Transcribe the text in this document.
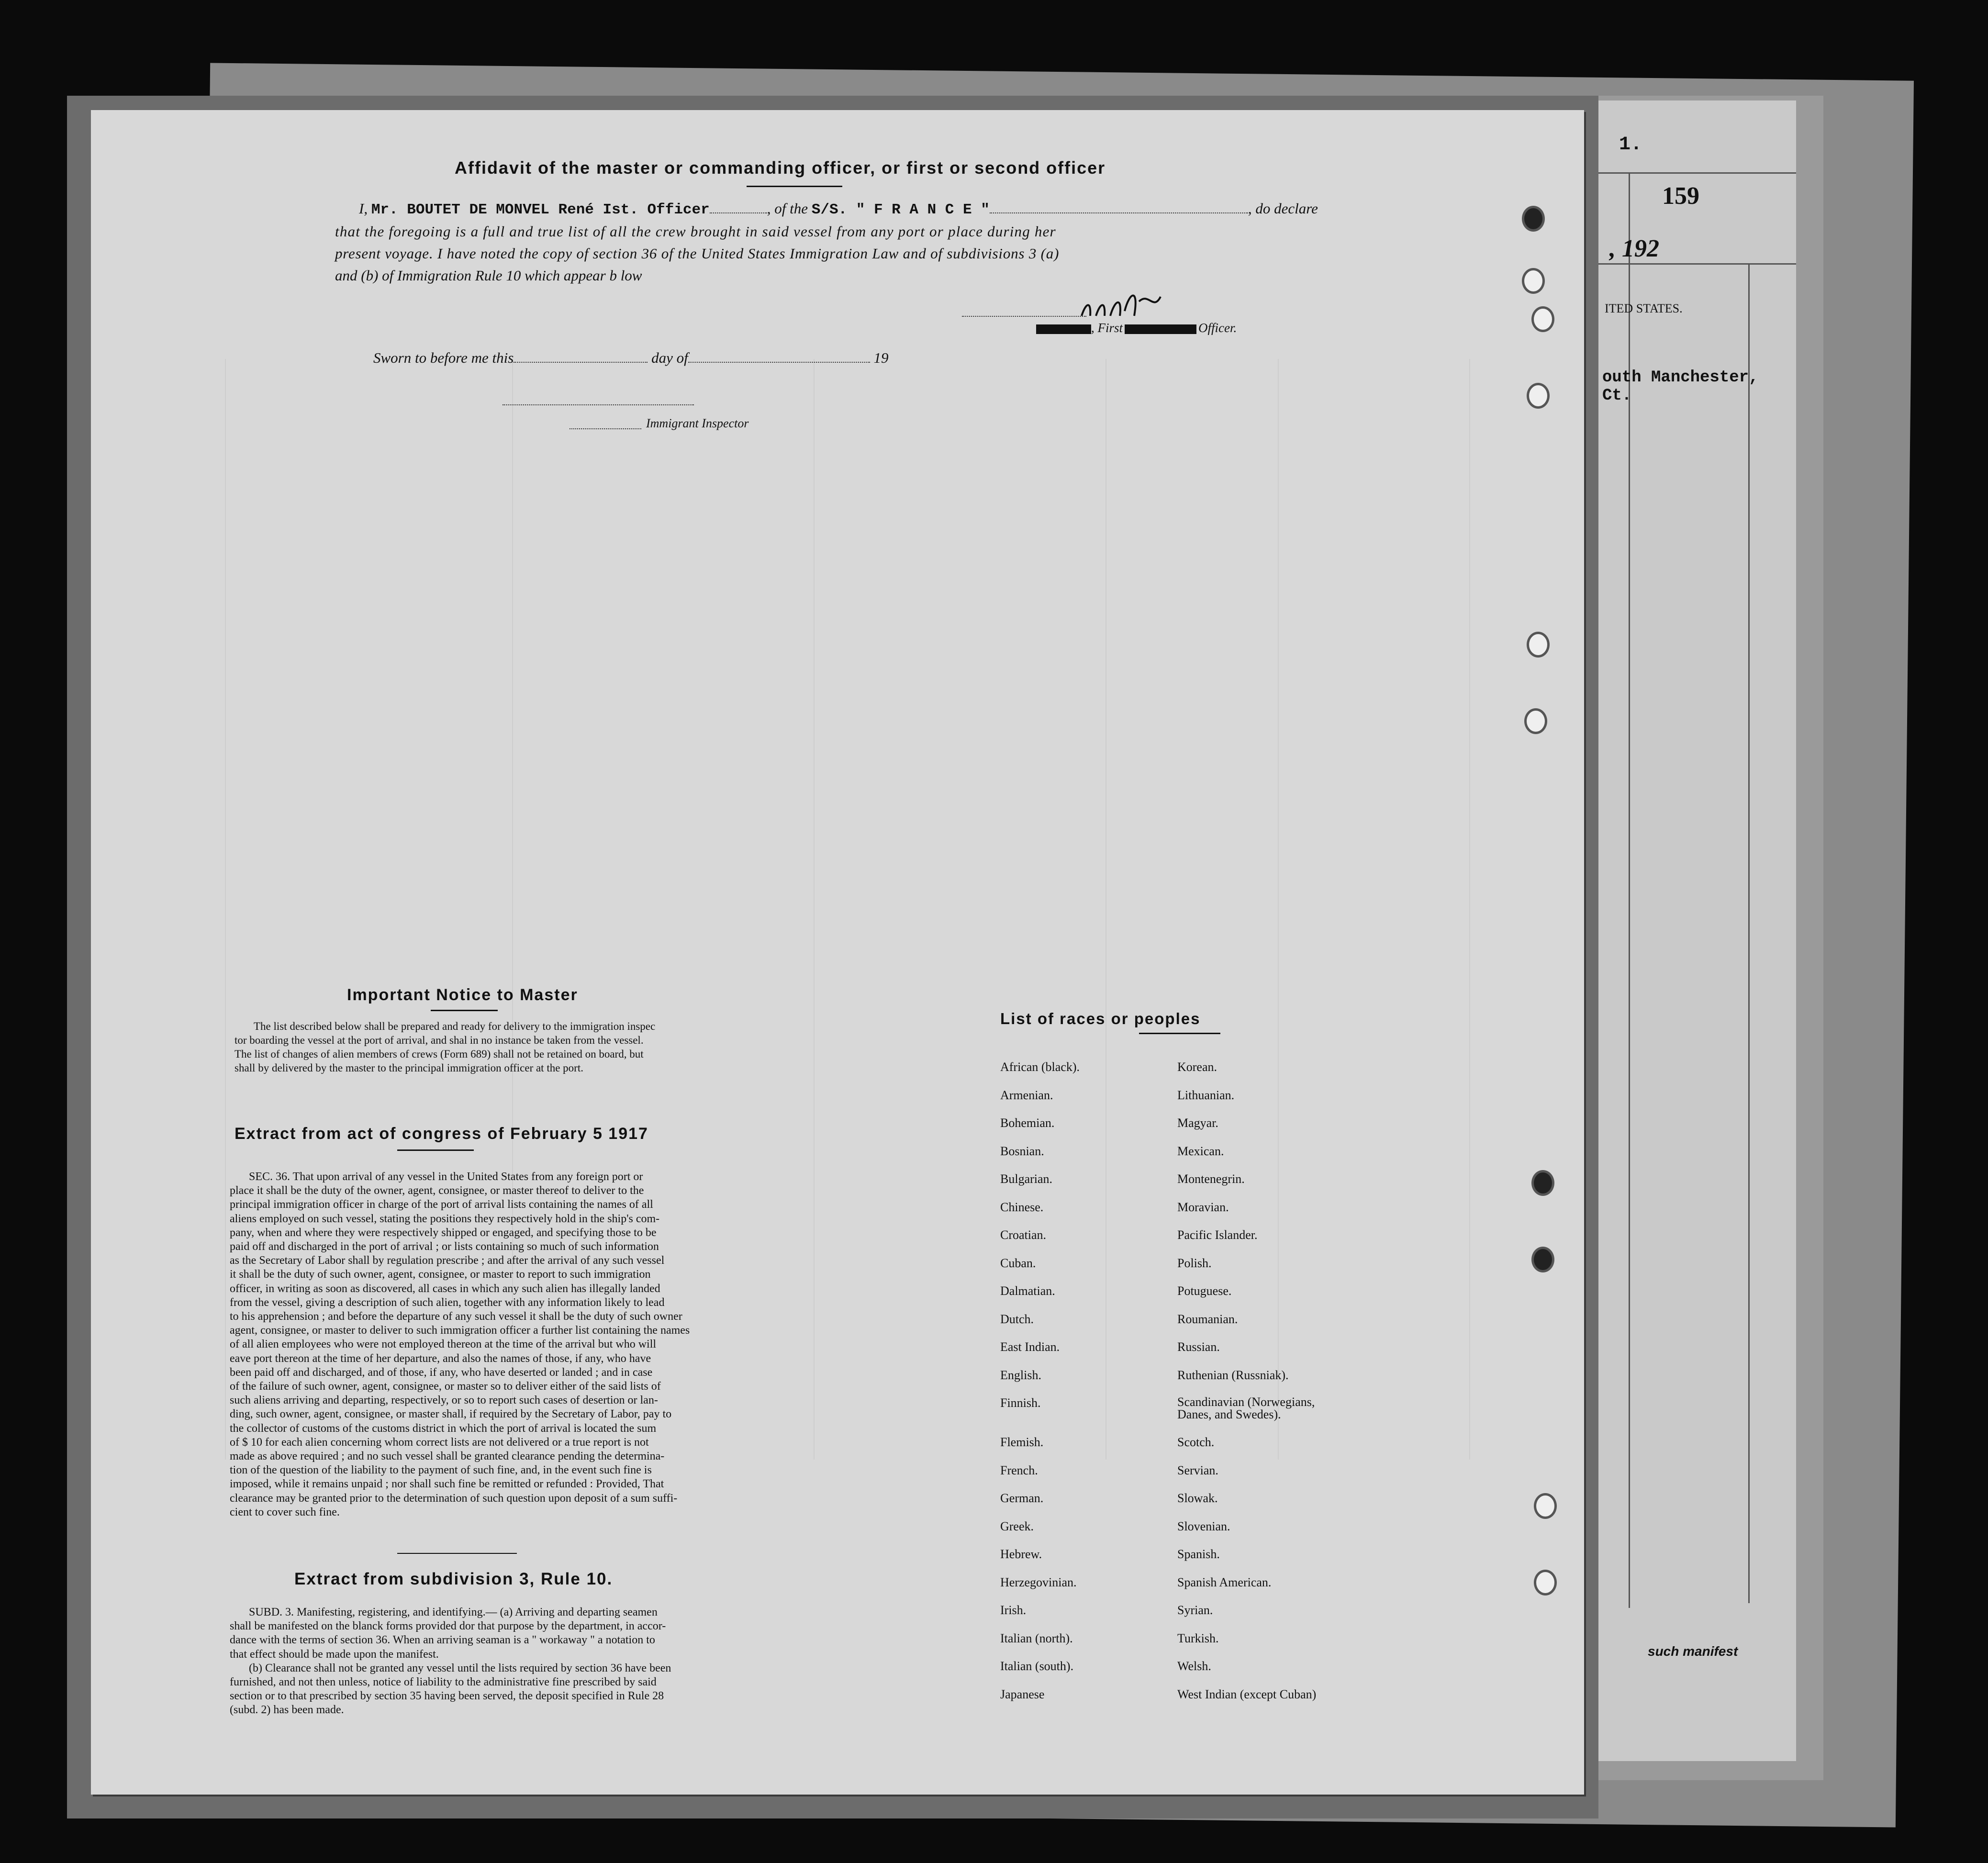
1.
159
, 192
ITED STATES.
outh Manchester, Ct.
such manifest
Affidavit of the master or commanding officer, or first or second officer
I, Mr. BOUTET DE MONVEL René Ist. Officer	, of the S/S. " F R A N C E "	, do declare
that the foregoing is a full and true list of all the crew brought in said vessel from any port or place during her
present voyage. I have noted the copy of section 36 of the United States Immigration Law and of subdivisions 3 (a)
and (b) of Immigration Rule 10 which appear b low
, First	Officer.
Sworn to before me this	day of	19
Immigrant Inspector
Important Notice to Master
The list described below shall be prepared and ready for delivery to the immigration inspec
tor boarding the vessel at the port of arrival, and shal in no instance be taken from the vessel.
The list of changes of alien members of crews (Form 689) shall not be retained on board, but
shall by delivered by the master to the principal immigration officer at the port.
Extract from act of congress of February 5 1917
SEC. 36. That upon arrival of any vessel in the United States from any foreign port or
place it shall be the duty of the owner, agent, consignee, or master thereof to deliver to the
principal immigration officer in charge of the port of arrival lists containing the names of all
aliens employed on such vessel, stating the positions they respectively hold in the ship's com-
pany, when and where they were respectively shipped or engaged, and specifying those to be
paid off and discharged in the port of arrival ; or lists containing so much of such information
as the Secretary of Labor shall by regulation prescribe ; and after the arrival of any such vessel
it shall be the duty of such owner, agent, consignee, or master to report to such immigration
officer, in writing as soon as discovered, all cases in which any such alien has illegally landed
from the vessel, giving a description of such alien, together with any information likely to lead
to his apprehension ; and before the departure of any such vessel it shall be the duty of such owner
agent, consignee, or master to deliver to such immigration officer a further list containing the names
of all alien employees who were not employed thereon at the time of the arrival but who will
eave port thereon at the time of her departure, and also the names of those, if any, who have
been paid off and discharged, and of those, if any, who have deserted or landed ; and in case
of the failure of such owner, agent, consignee, or master so to deliver either of the said lists of
such aliens arriving and departing, respectively, or so to report such cases of desertion or lan-
ding, such owner, agent, consignee, or master shall, if required by the Secretary of Labor, pay to
the collector of customs of the customs district in which the port of arrival is located the sum
of $ 10 for each alien concerning whom correct lists are not delivered or a true report is not
made as above required ; and no such vessel shall be granted clearance pending the determina-
tion of the question of the liability to the payment of such fine, and, in the event such fine is
imposed, while it remains unpaid ; nor shall such fine be remitted or refunded : Provided, That
clearance may be granted prior to the determination of such question upon deposit of a sum suffi-
cient to cover such fine.
Extract from subdivision 3, Rule 10.
SUBD. 3. Manifesting, registering, and identifying.— (a) Arriving and departing seamen
shall be manifested on the blanck forms provided dor that purpose by the department, in accor-
dance with the terms of section 36. When an arriving seaman is a " workaway " a notation to
that effect should be made upon the manifest.
(b) Clearance shall not be granted any vessel until the lists required by section 36 have been
furnished, and not then unless, notice of liability to the administrative fine prescribed by said
section or to that prescribed by section 35 having been served, the deposit specified in Rule 28
(subd. 2) has been made.
List of races or peoples
African (black).
Armenian.
Bohemian.
Bosnian.
Bulgarian.
Chinese.
Croatian.
Cuban.
Dalmatian.
Dutch.
East Indian.
English.
Finnish.
Flemish.
French.
German.
Greek.
Hebrew.
Herzegovinian.
Irish.
Italian (north).
Italian (south).
Japanese
Korean.
Lithuanian.
Magyar.
Mexican.
Montenegrin.
Moravian.
Pacific Islander.
Polish.
Potuguese.
Roumanian.
Russian.
Ruthenian (Russniak).
Scandinavian (Norwegians, Danes, and Swedes).
Scotch.
Servian.
Slowak.
Slovenian.
Spanish.
Spanish American.
Syrian.
Turkish.
Welsh.
West Indian (except Cuban)
